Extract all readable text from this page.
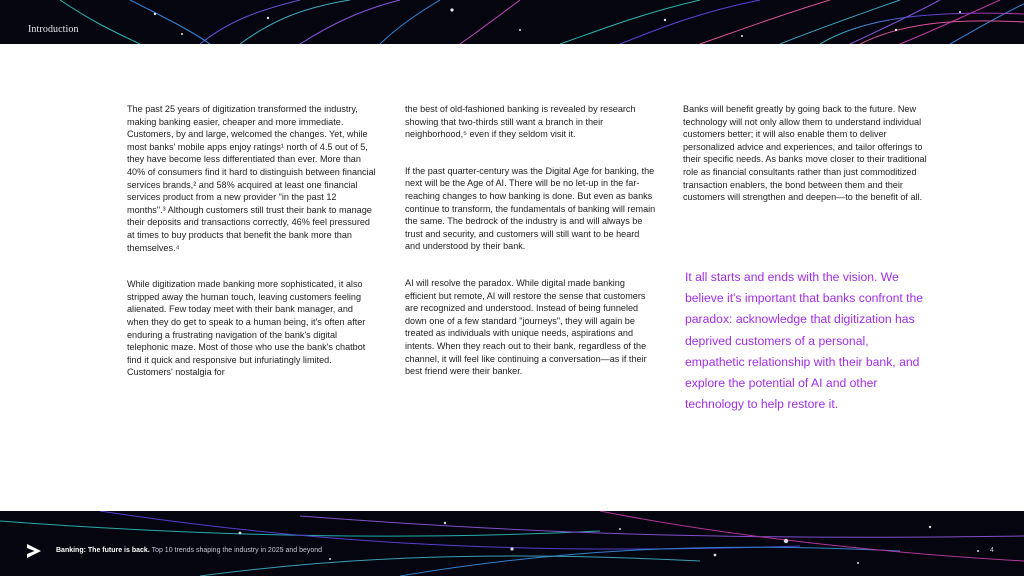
Introduction

The past 25 years of digitization transformed the industry, making banking easier, cheaper and more immediate. Customers, by and large, welcomed the changes. Yet, while most banks' mobile apps enjoy ratings¹ north of 4.5 out of 5, they have become less differentiated than ever. More than 40% of consumers find it hard to distinguish between financial services brands,² and 58% acquired at least one financial services product from a new provider "in the past 12 months".³ Although customers still trust their bank to manage their deposits and transactions correctly, 46% feel pressured at times to buy products that benefit the bank more than themselves.⁴

While digitization made banking more sophisticated, it also stripped away the human touch, leaving customers feeling alienated. Few today meet with their bank manager, and when they do get to speak to a human being, it's often after enduring a frustrating navigation of the bank's digital telephonic maze. Most of those who use the bank's chatbot find it quick and responsive but infuriatingly limited. Customers' nostalgia for

the best of old-fashioned banking is revealed by research showing that two-thirds still want a branch in their neighborhood,⁵ even if they seldom visit it.

If the past quarter-century was the Digital Age for banking, the next will be the Age of AI. There will be no let-up in the far-reaching changes to how banking is done. But even as banks continue to transform, the fundamentals of banking will remain the same. The bedrock of the industry is and will always be trust and security, and customers will still want to be heard and understood by their bank.

AI will resolve the paradox. While digital made banking efficient but remote, AI will restore the sense that customers are recognized and understood. Instead of being funneled down one of a few standard "journeys", they will again be treated as individuals with unique needs, aspirations and intents. When they reach out to their bank, regardless of the channel, it will feel like continuing a conversation—as if their best friend were their banker.

Banks will benefit greatly by going back to the future. New technology will not only allow them to understand individual customers better; it will also enable them to deliver personalized advice and experiences, and tailor offerings to their specific needs. As banks move closer to their traditional role as financial consultants rather than just commoditized transaction enablers, the bond between them and their customers will strengthen and deepen—to the benefit of all.

It all starts and ends with the vision. We believe it's important that banks confront the paradox: acknowledge that digitization has deprived customers of a personal, empathetic relationship with their bank, and explore the potential of AI and other technology to help restore it.
Banking: The future is back. Top 10 trends shaping the industry in 2025 and beyond	4
